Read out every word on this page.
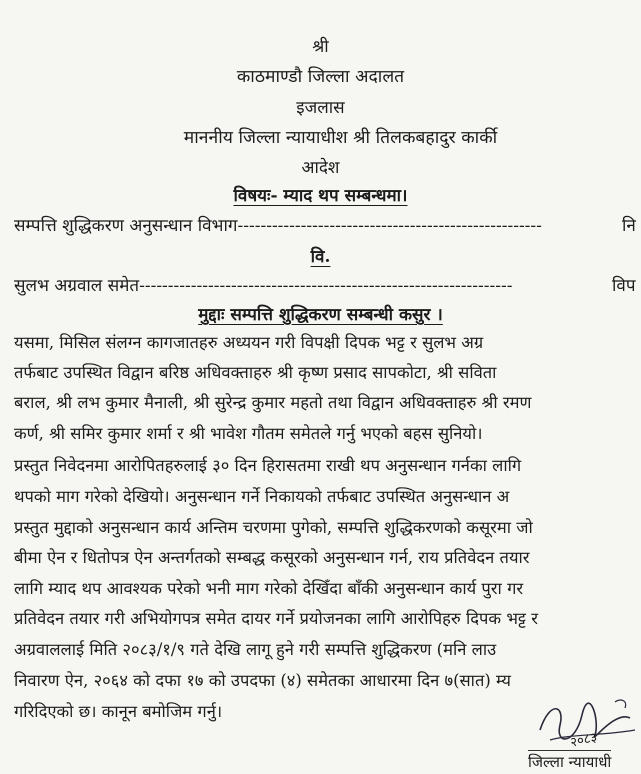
श्री
काठमाण्डौ जिल्ला अदालत
इजलास
माननीय जिल्ला न्यायाधीश श्री तिलकबहादुर कार्की
आदेश
विषयः- म्याद थप सम्बन्धमा।
सम्पत्ति शुद्धिकरण अनुसन्धान विभाग-----------------------------------------------------	नि
वि.
सुलभ अग्रवाल समेत-----------------------------------------------------------------	विप
मुद्दाः सम्पत्ति शुद्धिकरण सम्बन्धी कसुर ।
यसमा, मिसिल संलग्न कागजातहरु अध्ययन गरी विपक्षी दिपक भट्ट र सुलभ अग्र
तर्फबाट उपस्थित विद्वान बरिष्ठ अधिवक्ताहरु श्री कृष्ण प्रसाद सापकोटा, श्री सविता
बराल, श्री लभ कुमार मैनाली, श्री सुरेन्द्र कुमार महतो तथा विद्वान अधिवक्ताहरु श्री रमण
कर्ण, श्री समिर कुमार शर्मा र श्री भावेश गौतम समेतले गर्नु भएको बहस सुनियो।
प्रस्तुत निवेदनमा आरोपितहरुलाई ३० दिन हिरासतमा राखी थप अनुसन्धान गर्नका लागि
थपको माग गरेको देखियो। अनुसन्धान गर्ने निकायको तर्फबाट उपस्थित अनुसन्धान अ
प्रस्तुत मुद्दाको अनुसन्धान कार्य अन्तिम चरणमा पुगेको, सम्पत्ति शुद्धिकरणको कसूरमा जो
बीमा ऐन र धितोपत्र ऐन अन्तर्गतको सम्बद्ध कसूरको अनुसन्धान गर्न, राय प्रतिवेदन तयार
लागि म्याद थप आवश्यक परेको भनी माग गरेको देखिँदा बाँकी अनुसन्धान कार्य पुरा गर
प्रतिवेदन तयार गरी अभियोगपत्र समेत दायर गर्ने प्रयोजनका लागि आरोपिहरु दिपक भट्ट र
अग्रवाललाई मिति २०८३/१/९ गते देखि लागू हुने गरी सम्पत्ति शुद्धिकरण (मनि लाउ
निवारण ऐन, २०६४ को दफा १७ को उपदफा (४) समेतका आधारमा दिन ७(सात) म्य
गरिदिएको छ। कानून बमोजिम गर्नु।
२०८३
जिल्ला न्यायाधी
